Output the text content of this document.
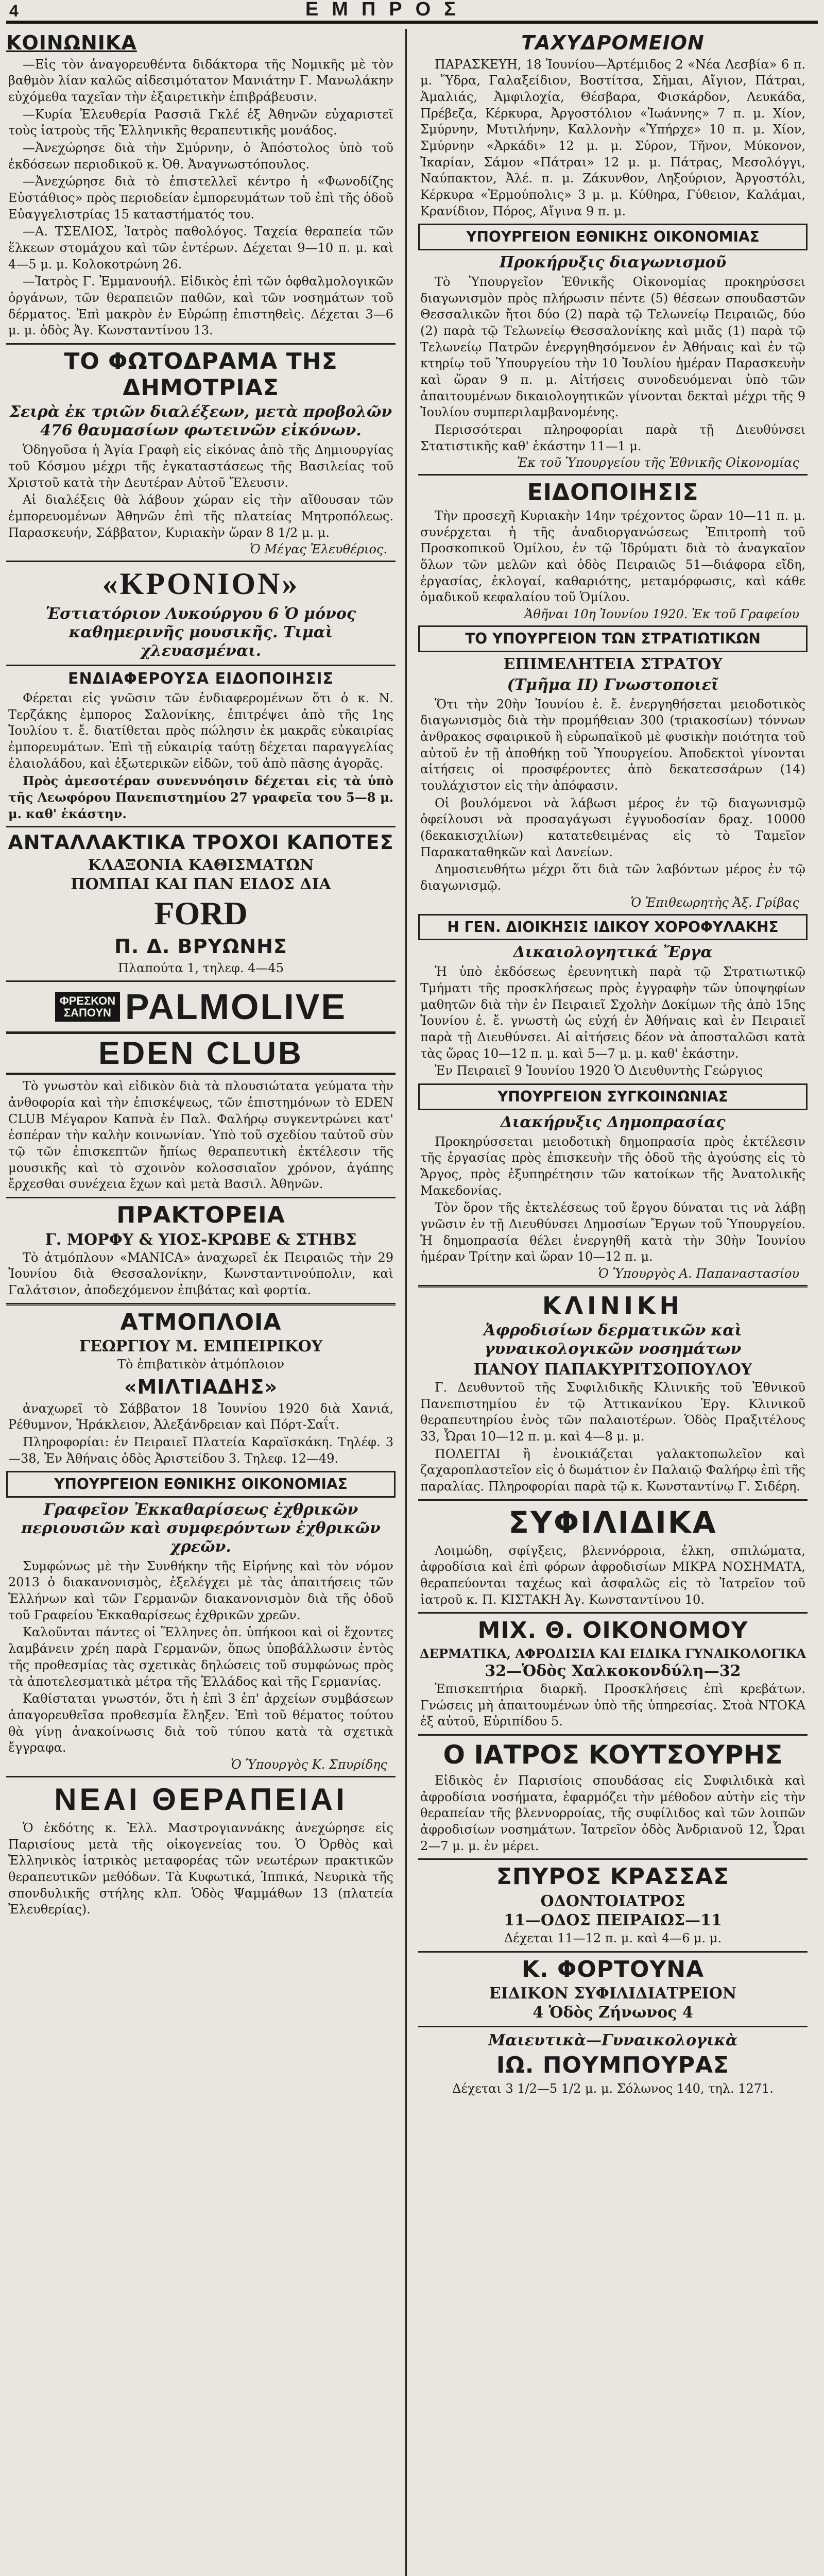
4	ΕΜΠΡΟΣ
ΚΟΙΝΩΝΙΚΑ

—Εἰς τὸν ἀναγορευθέντα διδάκτορα τῆς Νομικῆς μὲ τὸν βαθμὸν λίαν καλῶς αἰδεσιμότατον Μανιάτην Γ. Μανωλάκην εὐχόμεθα ταχεῖαν τὴν ἐξαιρετικὴν ἐπιβράβευσιν.

—Κυρία Ἐλευθερία Ρασσιᾶ Γκλέ ἐξ Ἀθηνῶν εὐχαριστεῖ τοὺς ἰατροὺς τῆς Ἑλληνικῆς θεραπευτικῆς μονάδος.

—Ἀνεχώρησε διὰ τὴν Σμύρνην, ὁ Ἀπόστολος ὑπὸ τοῦ ἐκδόσεων περιοδικοῦ κ. Ὀθ. Ἀναγνωστόπουλος.

—Ἀνεχώρησε διὰ τὸ ἐπιστελλεῖ κέντρο ἡ «Φωνοδίζης Εὐστάθιος» πρὸς περιοδείαν ἐμπορευμάτων τοῦ ἐπὶ τῆς ὁδοῦ Εὐαγγελιστρίας 15 καταστήματός του.

—Α. ΤΣΕΛΙΟΣ, Ἰατρὸς παθολόγος. Ταχεία θεραπεία τῶν ἕλκεων στομάχου καὶ τῶν ἐντέρων. Δέχεται 9—10 π. μ. καὶ 4—5 μ. μ. Κολοκοτρώνη 26.

—Ἰατρὸς Γ. Ἐμμανουήλ. Εἰδικὸς ἐπὶ τῶν ὀφθαλμολογικῶν ὀργάνων, τῶν θεραπειῶν παθῶν, καὶ τῶν νοσημάτων τοῦ δέρματος. Ἐπὶ μακρὸν ἐν Εὐρώπῃ ἐπιστηθεὶς. Δέχεται 3—6 μ. μ. ὁδὸς Ἀγ. Κωνσταντίνου 13.

ΤΟ ΦΩΤΟΔΡΑΜΑ ΤΗΣ ΔΗΜΟΤΡΙΑΣ
Σειρὰ ἐκ τριῶν διαλέξεων, μετὰ προβολῶν 476 θαυμασίων φωτεινῶν εἰκόνων.

Ὁδηγοῦσα ἡ Ἁγία Γραφὴ εἰς εἰκόνας ἀπὸ τῆς Δημιουργίας τοῦ Κόσμου μέχρι τῆς ἐγκαταστάσεως τῆς Βασιλείας τοῦ Χριστοῦ κατὰ τὴν Δευτέραν Αὐτοῦ Ἔλευσιν.

Αἱ διαλέξεις θὰ λάβουν χώραν εἰς τὴν αἴθουσαν τῶν ἐμπορευομένων Ἀθηνῶν ἐπὶ τῆς πλατείας Μητροπόλεως. Παρασκευήν, Σάββατον, Κυριακὴν ὥραν 8 1/2 μ. μ.

Ὁ Μέγας Ἐλευθέριος.
«ΚΡΟΝΙΟΝ»
Ἑστιατόριον Λυκούργου 6 Ὁ μόνος καθημερινῆς μουσικῆς. Τιμαὶ χλευασμέναι.
ΕΝΔΙΑΦΕΡΟΥΣΑ ΕΙΔΟΠΟΙΗΣΙΣ

Φέρεται εἰς γνῶσιν τῶν ἐνδιαφερομένων ὅτι ὁ κ. Ν. Τερζάκης ἐμπορος Σαλονίκης, ἐπιτρέψει ἀπὸ τῆς 1ης Ἰουλίου τ. ἔ. διατίθεται πρὸς πώλησιν ἐκ μακρᾶς εὐκαιρίας ἐμπορευμάτων. Ἐπὶ τῇ εὐκαιρίᾳ ταύτῃ δέχεται παραγγελίας ἐλαιολάδου, καὶ ἐξωτερικῶν εἰδῶν, τοῦ ἀπὸ πᾶσης ἀγορᾶς.

Πρὸς ἀμεσοτέραν συνεννόησιν δέχεται εἰς τὰ ὑπὸ τῆς Λεωφόρου Πανεπιστημίου 27 γραφεῖα του 5—8 μ. μ. καθ' ἑκάστην.

ΑΝΤΑΛΛΑΚΤΙΚΑ ΤΡΟΧΟΙ ΚΑΠΟΤΕΣ
ΚΛΑΞΟΝΙΑ ΚΑΘΙΣΜΑΤΩΝ
ΠΟΜΠΑΙ ΚΑΙ ΠΑΝ ΕΙΔΟΣ ΔΙΑ
FORD
Π. Δ. ΒΡΥΩΝΗΣ

Πλαπούτα 1, τηλεφ. 4—45

ΦΡΕΣΚΟΝ ΣΑΠΟΥΝ PALMOLIVE
EDEN CLUB

Τὸ γνωστὸν καὶ εἰδικὸν διὰ τὰ πλουσιώτατα γεύματα τὴν ἀνθοφορία καὶ τὴν ἐπισκέψεως, τῶν ἐπιστημόνων τὸ EDEN CLUB Μέγαρον Καπνὰ ἐν Παλ. Φαλήρῳ συγκεντρώνει κατ' ἐσπέραν τὴν καλὴν κοινωνίαν. Ὑπὸ τοῦ σχεδίου ταὐτοῦ σὺν τῷ τῶν ἐπισκεπτῶν ἤπίως θεραπευτικὴ ἐκτέλεσιν τῆς μουσικῆς καὶ τὸ σχοινὸν κολοσσιαῖον χρόνον, ἀγάπης ἔρχεσθαι συνέχεια ἔχων καὶ μετὰ Βασιλ. Ἀθηνῶν.

ΠΡΑΚΤΟΡΕΙΑ
Γ. ΜΟΡΦΥ & ΥΙΟΣ-ΚΡΩΒΕ & ΣΤΗΒΣ

Τὸ ἀτμόπλουν «MANICA» ἀναχωρεῖ ἐκ Πειραιῶς τὴν 29 Ἰουνίου διὰ Θεσσαλονίκην, Κωνσταντινούπολιν, καὶ Γαλάτσιον, ἀποδεχόμενον ἐπιβάτας καὶ φορτία.

ΑΤΜΟΠΛΟΙΑ
ΓΕΩΡΓΙΟΥ Μ. ΕΜΠΕΙΡΙΚΟΥ

Τὸ ἐπιβατικὸν ἀτμόπλοιον

«ΜΙΛΤΙΑΔΗΣ»

ἀναχωρεῖ τὸ Σάββατον 18 Ἰουνίου 1920 διὰ Χανιά, Ρέθυμνον, Ἡράκλειον, Ἀλεξάνδρειαν καὶ Πόρτ-Σαΐτ.

Πληροφορίαι: ἐν Πειραιεῖ Πλατεία Καραϊσκάκη. Τηλέφ. 3—38, Ἐν Ἀθήναις ὁδὸς Ἀριστείδου 3. Τηλεφ. 12—49.

ΥΠΟΥΡΓΕΙΟΝ ΕΘΝΙΚΗΣ ΟΙΚΟΝΟΜΙΑΣ
Γραφεῖον Ἐκκαθαρίσεως ἐχθρικῶν περιουσιῶν καὶ συμφερόντων ἐχθρικῶν χρεῶν.

Συμφώνως μὲ τὴν Συνθήκην τῆς Εἰρήνης καὶ τὸν νόμον 2013 ὁ διακανονισμὸς, ἐξελέγχει μὲ τὰς ἀπαιτήσεις τῶν Ἑλλήνων καὶ τῶν Γερμανῶν διακανονισμὸν διὰ τῆς ὁδοῦ τοῦ Γραφείου Ἐκκαθαρίσεως ἐχθρικῶν χρεῶν.

Καλοῦνται πάντες οἱ Ἕλληνες ὁπ. ὑπήκοοι καὶ οἱ ἔχοντες λαμβάνειν χρέη παρὰ Γερμανῶν, ὅπως ὑποβάλλωσιν ἐντὸς τῆς προθεσμίας τὰς σχετικὰς δηλώσεις τοῦ συμφώνως πρὸς τὰ ἀποτελεσματικὰ μέτρα τῆς Ἑλλάδος καὶ τῆς Γερμανίας.

Καθίσταται γνωστόν, ὅτι ἡ ἐπὶ 3 ἐπ' ἀρχείων συμβάσεων ἀπαγορευθεῖσα προθεσμία ἔληξεν. Ἐπὶ τοῦ θέματος τούτου θὰ γίνῃ ἀνακοίνωσις διὰ τοῦ τύπου κατὰ τὰ σχετικὰ ἔγγραφα.

Ὁ Ὑπουργὸς Κ. Σπυρίδης
ΝΕΑΙ ΘΕΡΑΠΕΙΑΙ

Ὁ ἐκδότης κ. Ἐλλ. Μαστρογιαννάκης ἀνεχώρησε εἰς Παρισίους μετὰ τῆς οἰκογενείας του. Ὁ Ὀρθὸς καὶ Ἑλληνικὸς ἰατρικὸς μεταφορέας τῶν νεωτέρων πρακτικῶν θεραπευτικῶν μεθόδων. Τὰ Κυφωτικά, Ἱππικά, Νευρικὰ τῆς σπονδυλικῆς στήλης κλπ. Ὁδὸς Ψαμμάθων 13 (πλατεία Ἐλευθερίας).

ΤΑΧΥΔΡΟΜΕΙΟΝ

ΠΑΡΑΣΚΕΥΗ, 18 Ἰουνίου—Ἀρτέμιδος 2 «Νέα Λεσβία» 6 π. μ. Ὕδρα, Γαλαξείδιον, Βοστίτσα, Σῆμαι, Αἴγιον, Πάτραι, Ἀμαλιάς, Ἀμφιλοχία, Θέσβαρα, Φισκάρδον, Λευκάδα, Πρέβεζα, Κέρκυρα, Ἀργοστόλιον «Ἰωάννης» 7 π. μ. Χίον, Σμύρνην, Μυτιλήνην, Καλλονὴν «Ὑπήρχε» 10 π. μ. Χίον, Σμύρνην «Ἀρκάδι» 12 μ. μ. Σύρον, Τῆνον, Μύκονον, Ἰκαρίαν, Σάμον «Πάτραι» 12 μ. μ. Πάτρας, Μεσολόγγι, Ναύπακτον, Ἀλέ. π. μ. Ζάκυνθον, Ληξούριον, Ἀργοστόλι, Κέρκυρα «Ἐρμούπολις» 3 μ. μ. Κύθηρα, Γύθειον, Καλάμαι, Κρανίδιον, Πόρος, Αἴγινα 9 π. μ.

ΥΠΟΥΡΓΕΙΟΝ ΕΘΝΙΚΗΣ ΟΙΚΟΝΟΜΙΑΣ
Προκήρυξις διαγωνισμοῦ

Τὸ Ὑπουργεῖον Ἐθνικῆς Οἰκονομίας προκηρύσσει διαγωνισμὸν πρὸς πλήρωσιν πέντε (5) θέσεων σπουδαστῶν Θεσσαλικῶν ἤτοι δύο (2) παρὰ τῷ Τελωνείῳ Πειραιῶς, δύο (2) παρὰ τῷ Τελωνείῳ Θεσσαλονίκης καὶ μιᾶς (1) παρὰ τῷ Τελωνείῳ Πατρῶν ἐνεργηθησόμενον ἐν Ἀθήναις καὶ ἐν τῷ κτηρίῳ τοῦ Ὑπουργείου τὴν 10 Ἰουλίου ἡμέραν Παρασκευὴν καὶ ὥραν 9 π. μ. Αἰτήσεις συνοδευόμεναι ὑπὸ τῶν ἀπαιτουμένων δικαιολογητικῶν γίνονται δεκταὶ μέχρι τῆς 9 Ἰουλίου συμπεριλαμβανομένης.

Περισσότεραι πληροφορίαι παρὰ τῇ Διευθύνσει Στατιστικῆς καθ' ἑκάστην 11—1 μ.

Ἐκ τοῦ Ὑπουργείου τῆς Ἐθνικῆς Οἰκονομίας
ΕΙΔΟΠΟΙΗΣΙΣ

Τὴν προσεχῆ Κυριακὴν 14ην τρέχοντος ὥραν 10—11 π. μ. συνέρχεται ἡ τῆς ἀναδιοργανώσεως Ἐπιτροπὴ τοῦ Προσκοπικοῦ Ὁμίλου, ἐν τῷ Ἰδρύματι διὰ τὸ ἀναγκαῖον ὅλων τῶν μελῶν καὶ ὁδὸς Πειραιῶς 51—διάφορα εἴδη, ἐργασίας, ἐκλογαί, καθαριότης, μεταμόρφωσις, καὶ κάθε ὁμαδικοῦ κεφαλαίου τοῦ Ὁμίλου.

Ἀθῆναι 10η Ἰουνίου 1920. Ἐκ τοῦ Γραφείου
ΤΟ ΥΠΟΥΡΓΕΙΟΝ ΤΩΝ ΣΤΡΑΤΙΩΤΙΚΩΝ
ΕΠΙΜΕΛΗΤΕΙΑ ΣΤΡΑΤΟΥ
(Τμῆμα ΙΙ) Γνωστοποιεῖ

Ὅτι τὴν 20ὴν Ἰουνίου ἐ. ἔ. ἐνεργηθήσεται μειοδοτικὸς διαγωνισμὸς διὰ τὴν προμήθειαν 300 (τριακοσίων) τόννων ἀνθρακος σφαιρικοῦ ἢ εὐρωπαϊκοῦ μὲ φυσικὴν ποιότητα τοῦ αὐτοῦ ἐν τῇ ἀποθήκῃ τοῦ Ὑπουργείου. Ἀποδεκτοὶ γίνονται αἰτήσεις οἱ προσφέροντες ἀπὸ δεκατεσσάρων (14) τουλάχιστον εἰς τὴν ἀπόφασιν.

Οἱ βουλόμενοι νὰ λάβωσι μέρος ἐν τῷ διαγωνισμῷ ὀφείλουσι νὰ προσαγάγωσι ἐγγυοδοσίαν δραχ. 10000 (δεκακισχιλίων) κατατεθειμένας εἰς τὸ Ταμεῖον Παρακαταθηκῶν καὶ Δανείων.

Δημοσιευθήτω μέχρι ὅτι διὰ τῶν λαβόντων μέρος ἐν τῷ διαγωνισμῷ.

Ὁ Ἐπιθεωρητὴς Ἀξ. Γρίβας
Η ΓΕΝ. ΔΙΟΙΚΗΣΙΣ ΙΔΙΚΟΥ ΧΟΡΟΦΥΛΑΚΗΣ
Δικαιολογητικά Ἔργα

Ἡ ὑπὸ ἐκδόσεως ἐρευνητικὴ παρὰ τῷ Στρατιωτικῷ Τμήματι τῆς προσκλήσεως πρὸς ἐγγραφὴν τῶν ὑποψηφίων μαθητῶν διὰ τὴν ἐν Πειραιεῖ Σχολὴν Δοκίμων τῆς ἀπὸ 15ης Ἰουνίου ἐ. ἔ. γνωστὴ ὡς εὐχή ἐν Ἀθήναις καὶ ἐν Πειραιεῖ παρὰ τῇ Διευθύνσει. Αἱ αἰτήσεις δέον νὰ ἀποσταλῶσι κατὰ τὰς ὥρας 10—12 π. μ. καὶ 5—7 μ. μ. καθ' ἑκάστην.

Ἐν Πειραιεῖ 9 Ἰουνίου 1920 Ὁ Διευθυντὴς Γεώργιος

ΥΠΟΥΡΓΕΙΟΝ ΣΥΓΚΟΙΝΩΝΙΑΣ
Διακήρυξις Δημοπρασίας

Προκηρύσσεται μειοδοτικὴ δημοπρασία πρὸς ἐκτέλεσιν τῆς ἐργασίας πρὸς ἐπισκευὴν τῆς ὁδοῦ τῆς ἀγούσης εἰς τὸ Ἄργος, πρὸς ἐξυπηρέτησιν τῶν κατοίκων τῆς Ἀνατολικῆς Μακεδονίας.

Τὸν ὅρον τῆς ἐκτελέσεως τοῦ ἔργου δύναται τις νὰ λάβῃ γνῶσιν ἐν τῇ Διευθύνσει Δημοσίων Ἔργων τοῦ Ὑπουργείου. Ἡ δημοπρασία θέλει ἐνεργηθῆ κατὰ τὴν 30ὴν Ἰουνίου ἡμέραν Τρίτην καὶ ὥραν 10—12 π. μ.

Ὁ Ὑπουργὸς Α. Παπαναστασίου
ΚΛΙΝΙΚΗ
Ἀφροδισίων δερματικῶν καὶ γυναικολογικῶν νοσημάτων
ΠΑΝΟΥ ΠΑΠΑΚΥΡΙΤΣΟΠΟΥΛΟΥ

Γ. Δευθυντοῦ τῆς Συφιλιδικῆς Κλινικῆς τοῦ Ἐθνικοῦ Πανεπιστημίου ἐν τῷ Ἀττικανίκου Ἐργ. Κλινικοῦ θεραπευτηρίου ἐνὸς τῶν παλαιοτέρων. Ὁδὸς Πραξιτέλους 33, Ὧραι 10—12 π. μ. καὶ 4—8 μ. μ.

ΠΟΛΕΙΤΑΙ ἢ ἐνοικιάζεται γαλακτοπωλεῖον καὶ ζαχαροπλαστεῖον εἰς ὁ δωμάτιον ἐν Παλαιῷ Φαλήρῳ ἐπὶ τῆς παραλίας. Πληροφορίαι παρὰ τῷ κ. Κωνσταντίνῳ Γ. Σιδέρη.

ΣΥΦΙΛΙΔΙΚΑ

Λοιμώδη, σφίγξεις, βλεννόρροια, ἐλκη, σπιλώματα, ἀφροδίσια καὶ ἐπὶ φόρων ἀφροδισίων ΜΙΚΡΑ ΝΟΣΗΜΑΤΑ, θεραπεύονται ταχέως καὶ ἀσφαλῶς εἰς τὸ Ἰατρεῖον τοῦ ἰατροῦ κ. Π. ΚΙΣΤΑΚΗ Ἀγ. Κωνσταντίνου 10.

ΜΙΧ. Θ. ΟΙΚΟΝΟΜΟΥ
ΔΕΡΜΑΤΙΚΑ, ΑΦΡΟΔΙΣΙΑ ΚΑΙ ΕΙΔΙΚΑ ΓΥΝΑΙΚΟΛΟΓΙΚΑ
32—Ὁδὸς Χαλκοκονδύλη—32

Ἐπισκεπτήρια διαρκῆ. Προσκλήσεις ἐπὶ κρεβάτων. Γνώσεις μὴ ἀπαιτουμένων ὑπὸ τῆς ὑπηρεσίας. Στοὰ ΝΤΟΚΑ ἐξ αὐτοῦ, Εὐριπίδου 5.

Ο ΙΑΤΡΟΣ ΚΟΥΤΣΟΥΡΗΣ

Εἰδικὸς ἐν Παρισίοις σπουδάσας εἰς Συφιλιδικὰ καὶ ἀφροδίσια νοσήματα, ἐφαρμόζει τὴν μέθοδον αὐτὴν εἰς τὴν θεραπείαν τῆς βλεννορροίας, τῆς συφίλιδος καὶ τῶν λοιπῶν ἀφροδισίων νοσημάτων. Ἰατρεῖον ὁδὸς Ἀνδριανοῦ 12, Ὧραι 2—7 μ. μ. ἐν μέρει.

ΣΠΥΡΟΣ ΚΡΑΣΣΑΣ
ΟΔΟΝΤΟΙΑΤΡΟΣ
11—ΟΔΟΣ ΠΕΙΡΑΙΩΣ—11

Δέχεται 11—12 π. μ. καὶ 4—6 μ. μ.

Κ. ΦΟΡΤΟΥΝΑ
ΕΙΔΙΚΟΝ ΣΥΦΙΛΙΔΙΑΤΡΕΙΟΝ
4 Ὁδὸς Ζήνωνος 4
Μαιευτικὰ—Γυναικολογικὰ
ΙΩ. ΠΟΥΜΠΟΥΡΑΣ

Δέχεται 3 1/2—5 1/2 μ. μ. Σόλωνος 140, τηλ. 1271.
